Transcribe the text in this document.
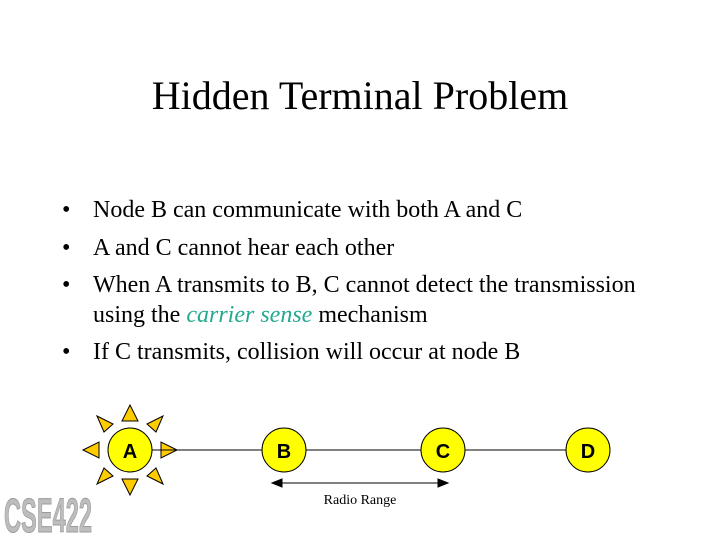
Hidden Terminal Problem
• Node B can communicate with both A and C
• A and C cannot hear each other
• When A transmits to B, C cannot detect the transmission using the carrier sense mechanism
• If C transmits, collision will occur at node B
A	B	C	D
Radio Range
CSE422
